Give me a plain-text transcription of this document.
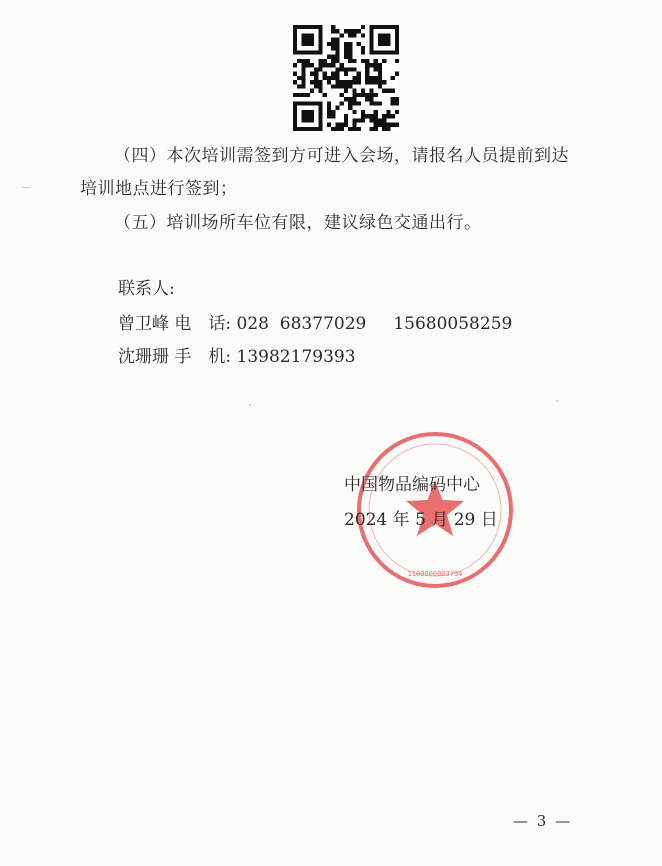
（四）本次培训需签到方可进入会场，请报名人员提前到达培训地点进行签到；

（五）培训场所车位有限，建议绿色交通出行。

联系人:
曾卫峰 电　话: 028  68377029     15680058259
沈珊珊 手　机: 13982179393
1100000003794
中国物品编码中心
2024 年 5 月 29 日
— 3 —
